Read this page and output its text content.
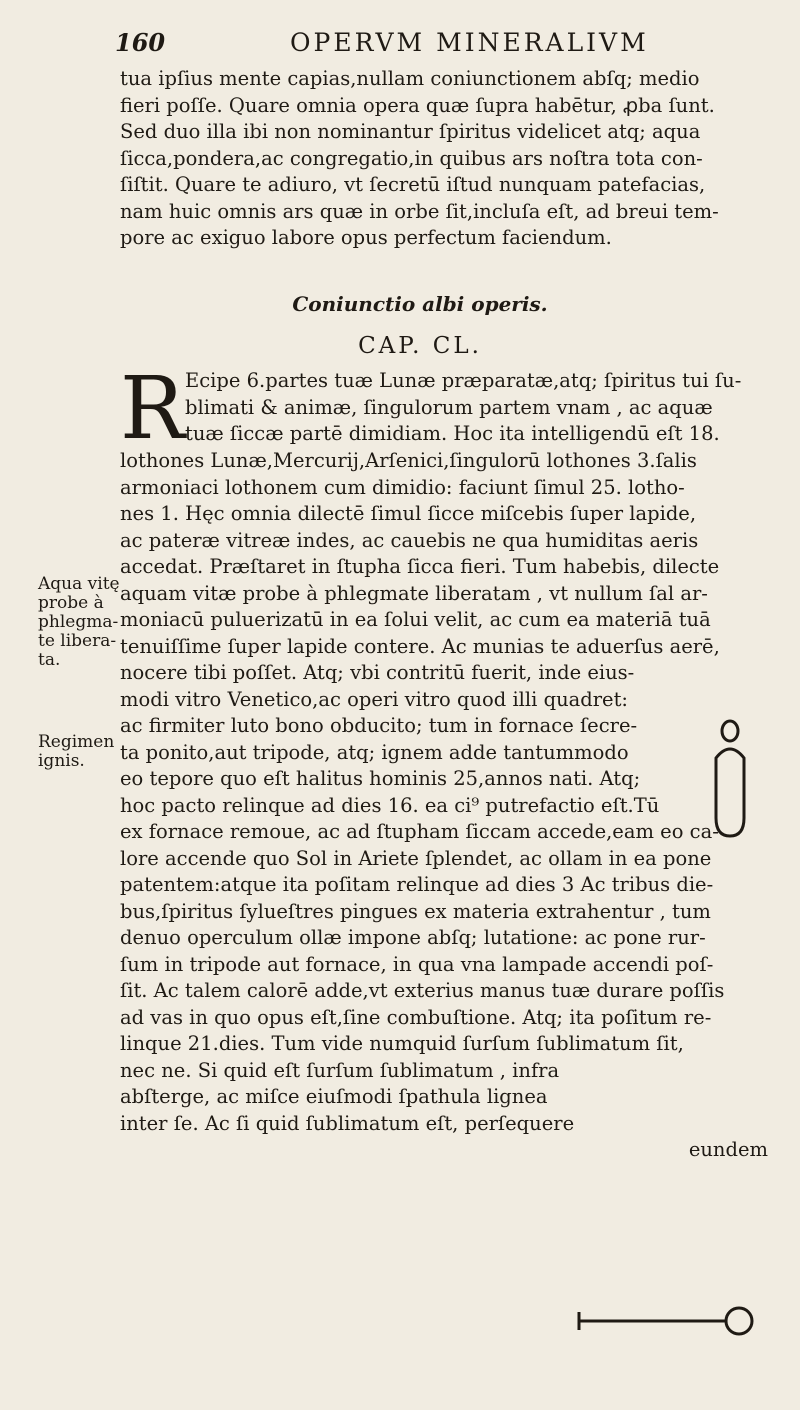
160	OPERVM MINERALIVM
tua ipſius mente capias,nullam coniunctionem abſq; medio
fieri poſſe. Quare omnia opera quæ ſupra habētur, ꝓba ſunt.
Sed duo illa ibi non nominantur ſpiritus videlicet atq; aqua
ſicca,pondera,ac congregatio,in quibus ars noſtra tota con-
ſiſtit. Quare te adiuro, vt ſecretū iſtud nunquam patefacias,
nam huic omnis ars quæ in orbe ſit,incluſa eſt, ad breui tem-
pore ac exiguo labore opus perfectum faciendum.
Coniunctio albi operis.
CAP. CL.
R Ecipe 6.partes tuæ Lunæ præparatæ,atq; ſpiritus tui ſu-
blimati & animæ, ſingulorum partem vnam , ac aquæ
tuæ ſiccæ partē dimidiam. Hoc ita intelligendū eſt 18.
lothones Lunæ,Mercurij,Arſenici,ſingulorū lothones 3.ſalis
armoniaci lothonem cum dimidio: faciunt ſimul 25. lotho-
nes 1. Hęc omnia dilectē ſimul ſicce miſcebis ſuper lapide,
ac pateræ vitreæ indes, ac cauebis ne qua humiditas aeris
accedat. Præſtaret in ſtupha ſicca fieri. Tum habebis, dilecte
aquam vitæ probe à phlegmate liberatam , vt nullum ſal ar-
moniacū puluerizatū in ea ſolui velit, ac cum ea materiā tuā
tenuiſſime ſuper lapide contere. Ac munias te aduerſus aerē,
nocere tibi poſſet. Atq; vbi contritū fuerit, inde eius-
modi vitro Venetico,ac operi vitro quod illi quadret:
ac firmiter luto bono obducito; tum in fornace ſecre-
ta ponito,aut tripode, atq; ignem adde tantummodo
eo tepore quo eſt halitus hominis 25,annos nati. Atq;
hoc pacto relinque ad dies 16. ea ci⁹ putrefactio eſt.Tū
ex fornace remoue, ac ad ſtupham ſiccam accede,eam eo ca-
lore accende quo Sol in Ariete ſplendet, ac ollam in ea pone
patentem:atque ita poſitam relinque ad dies 3 Ac tribus die-
bus,ſpiritus ſylueſtres pingues ex materia extrahentur , tum
denuo operculum ollæ impone abſq; lutatione: ac pone rur-
ſum in tripode aut fornace, in qua vna lampade accendi poſ-
ſit. Ac talem calorē adde,vt exterius manus tuæ durare poſſis
ad vas in quo opus eſt,ſine combuſtione. Atq; ita poſitum re-
linque 21.dies. Tum vide numquid ſurſum ſublimatum ſit,
nec ne. Si quid eſt ſurſum ſublimatum , infra
abſterge, ac miſce eiuſmodi ſpathula lignea
inter ſe. Ac ſi quid ſublimatum eſt, perſequere
eundem
Aqua vitę
probe à
phlegma-
te libera-
ta.
Regimen
ignis.
